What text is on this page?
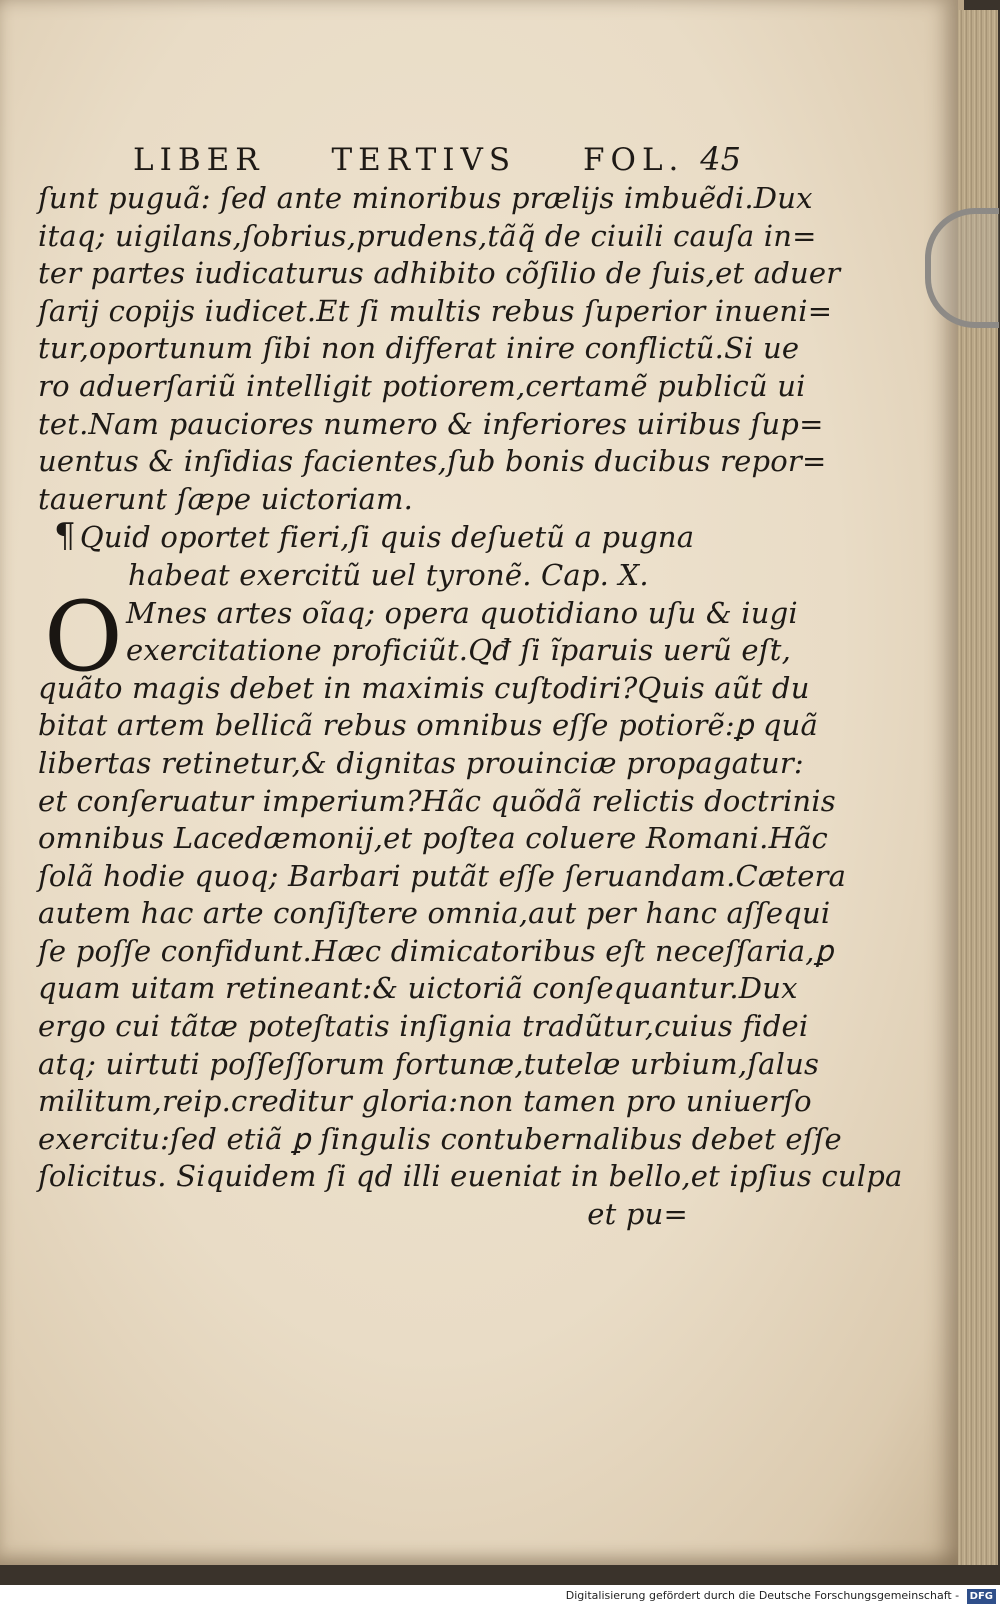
LIBER TERTIVS FOL. 45
ſunt puguã: ſed ante minoribus prælijs imbuẽdi.Dux
itaq; uigilans,ſobrius,prudens,tãq̃ de ciuili cauſa in=
ter partes iudicaturus adhibito cõſilio de ſuis,et aduer
ſarij copijs iudicet.Et ſi multis rebus ſuperior inueni=
tur,oportunum ſibi non differat inire conflictũ.Si ue
ro aduerſariũ intelligit potiorem,certamẽ publicũ ui
tet.Nam pauciores numero & inferiores uiribus ſup=
uentus & inſidias facientes,ſub bonis ducibus repor=
tauerunt ſæpe uictoriam.
¶ Quid oportet fieri,ſi quis deſuetũ a pugna
habeat exercitũ uel tyronẽ. Cap. X.
O Mnes artes oĩaq; opera quotidiano uſu & iugi
exercitatione proficiũt.Qđ ſi ĩparuis uerũ eſt,
quãto magis debet in maximis cuſtodiri?Quis aũt du
bitat artem bellicã rebus omnibus eſſe potiorẽ:ꝑ quã
libertas retinetur,& dignitas prouinciæ propagatur:
et conſeruatur imperium?Hãc quõdã relictis doctrinis
omnibus Lacedæmonij,et poſtea coluere Romani.Hãc
ſolã hodie quoq; Barbari putãt eſſe ſeruandam.Cætera
autem hac arte conſiſtere omnia,aut per hanc aſſequi
ſe poſſe confidunt.Hæc dimicatoribus eſt neceſſaria,ꝑ
quam uitam retineant:& uictoriã conſequantur.Dux
ergo cui tãtæ poteſtatis inſignia tradũtur,cuius fidei
atq; uirtuti poſſeſſorum fortunæ,tutelæ urbium,ſalus
militum,reip.creditur gloria:non tamen pro uniuerſo
exercitu:ſed etiã ꝑ ſingulis contubernalibus debet eſſe
ſolicitus. Siquidem ſi qd illi eueniat in bello,et ipſius culpa
et pu=
Digitalisierung gefördert durch die Deutsche Forschungsgemeinschaft - DFG
